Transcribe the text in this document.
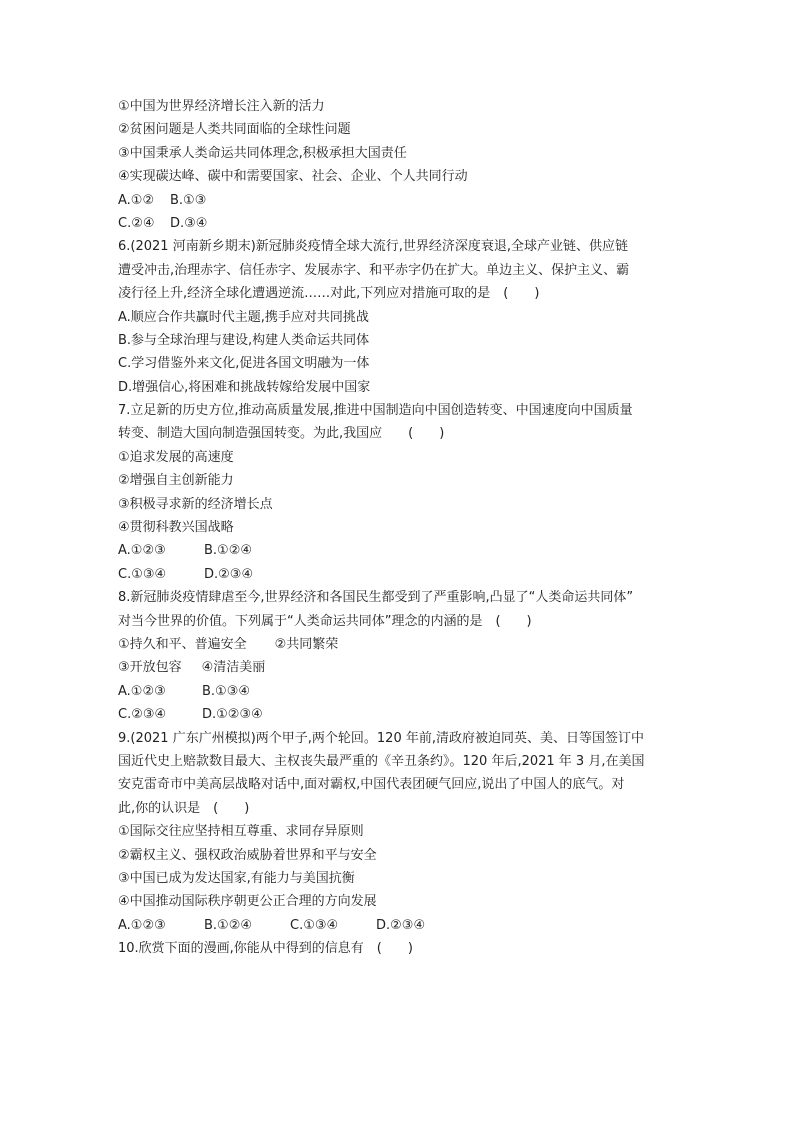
①中国为世界经济增长注入新的活力
②贫困问题是人类共同面临的全球性问题
③中国秉承人类命运共同体理念,积极承担大国责任
④实现碳达峰、碳中和需要国家、社会、企业、个人共同行动
A.①②	B.①③
C.②④	D.③④
6.(2021 河南新乡期末)新冠肺炎疫情全球大流行,世界经济深度衰退,全球产业链、供应链
遭受冲击,治理赤字、信任赤字、发展赤字、和平赤字仍在扩大。单边主义、保护主义、霸
凌行径上升,经济全球化遭遇逆流……对此,下列应对措施可取的是　(　　)
A.顺应合作共赢时代主题,携手应对共同挑战
B.参与全球治理与建设,构建人类命运共同体
C.学习借鉴外来文化,促进各国文明融为一体
D.增强信心,将困难和挑战转嫁给发展中国家
7.立足新的历史方位,推动高质量发展,推进中国制造向中国创造转变、中国速度向中国质量
转变、制造大国向制造强国转变。为此,我国应　　(　　)
①追求发展的高速度
②增强自主创新能力
③积极寻求新的经济增长点
④贯彻科教兴国战略
A.①②③	B.①②④
C.①③④	D.②③④
8.新冠肺炎疫情肆虐至今,世界经济和各国民生都受到了严重影响,凸显了“人类命运共同体”
对当今世界的价值。下列属于“人类命运共同体”理念的内涵的是　(　　)
①持久和平、普遍安全 ②共同繁荣
③开放包容 ④清洁美丽
A.①②③	B.①③④
C.②③④	D.①②③④
9.(2021 广东广州模拟)两个甲子,两个轮回。120 年前,清政府被迫同英、美、日等国签订中
国近代史上赔款数目最大、主权丧失最严重的《辛丑条约》。120 年后,2021 年 3 月,在美国
安克雷奇市中美高层战略对话中,面对霸权,中国代表团硬气回应,说出了中国人的底气。对
此,你的认识是　(　　)
①国际交往应坚持相互尊重、求同存异原则
②霸权主义、强权政治威胁着世界和平与安全
③中国已成为发达国家,有能力与美国抗衡
④中国推动国际秩序朝更公正合理的方向发展
A.①②③	B.①②④	C.①③④	D.②③④
10.欣赏下面的漫画,你能从中得到的信息有　(　　)
